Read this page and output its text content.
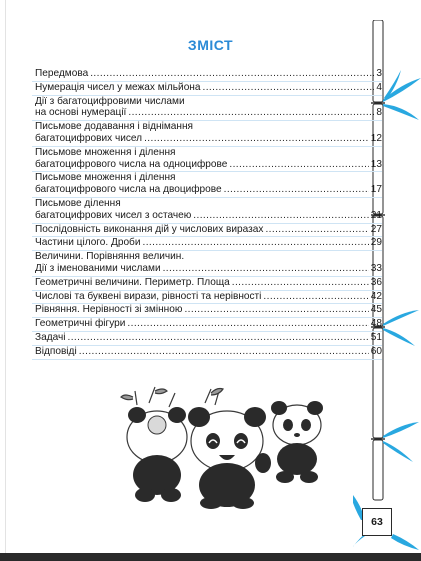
ЗМІСТ
Передмова . . .	3
Нумерація чисел у межах мільйона . . .	4
Дії з багатоцифровими числами
на основі нумерації . . .	8
Письмове додавання і віднімання
багатоцифрових чисел . . .	12
Письмове множення і ділення
багатоцифрового числа на одноцифрове . . .	13
Письмове множення і ділення
багатоцифрового числа на двоцифрове . . .	17
Письмове ділення
багатоцифрових чисел з остачею . . .	21
Послідовність виконання дій у числових виразах . . .	27
Частини цілого. Дроби . . .	29
Величини. Порівняння величин.
Дії з іменованими числами . . .	33
Геометричні величини. Периметр. Площа . . .	36
Числові та буквені вирази, рівності та нерівності . . .	42
Рівняння. Нерівності зі змінною . . .	45
Геометричні фігури . . .	48
Задачі . . .	51
Відповіді . . .	60
63
